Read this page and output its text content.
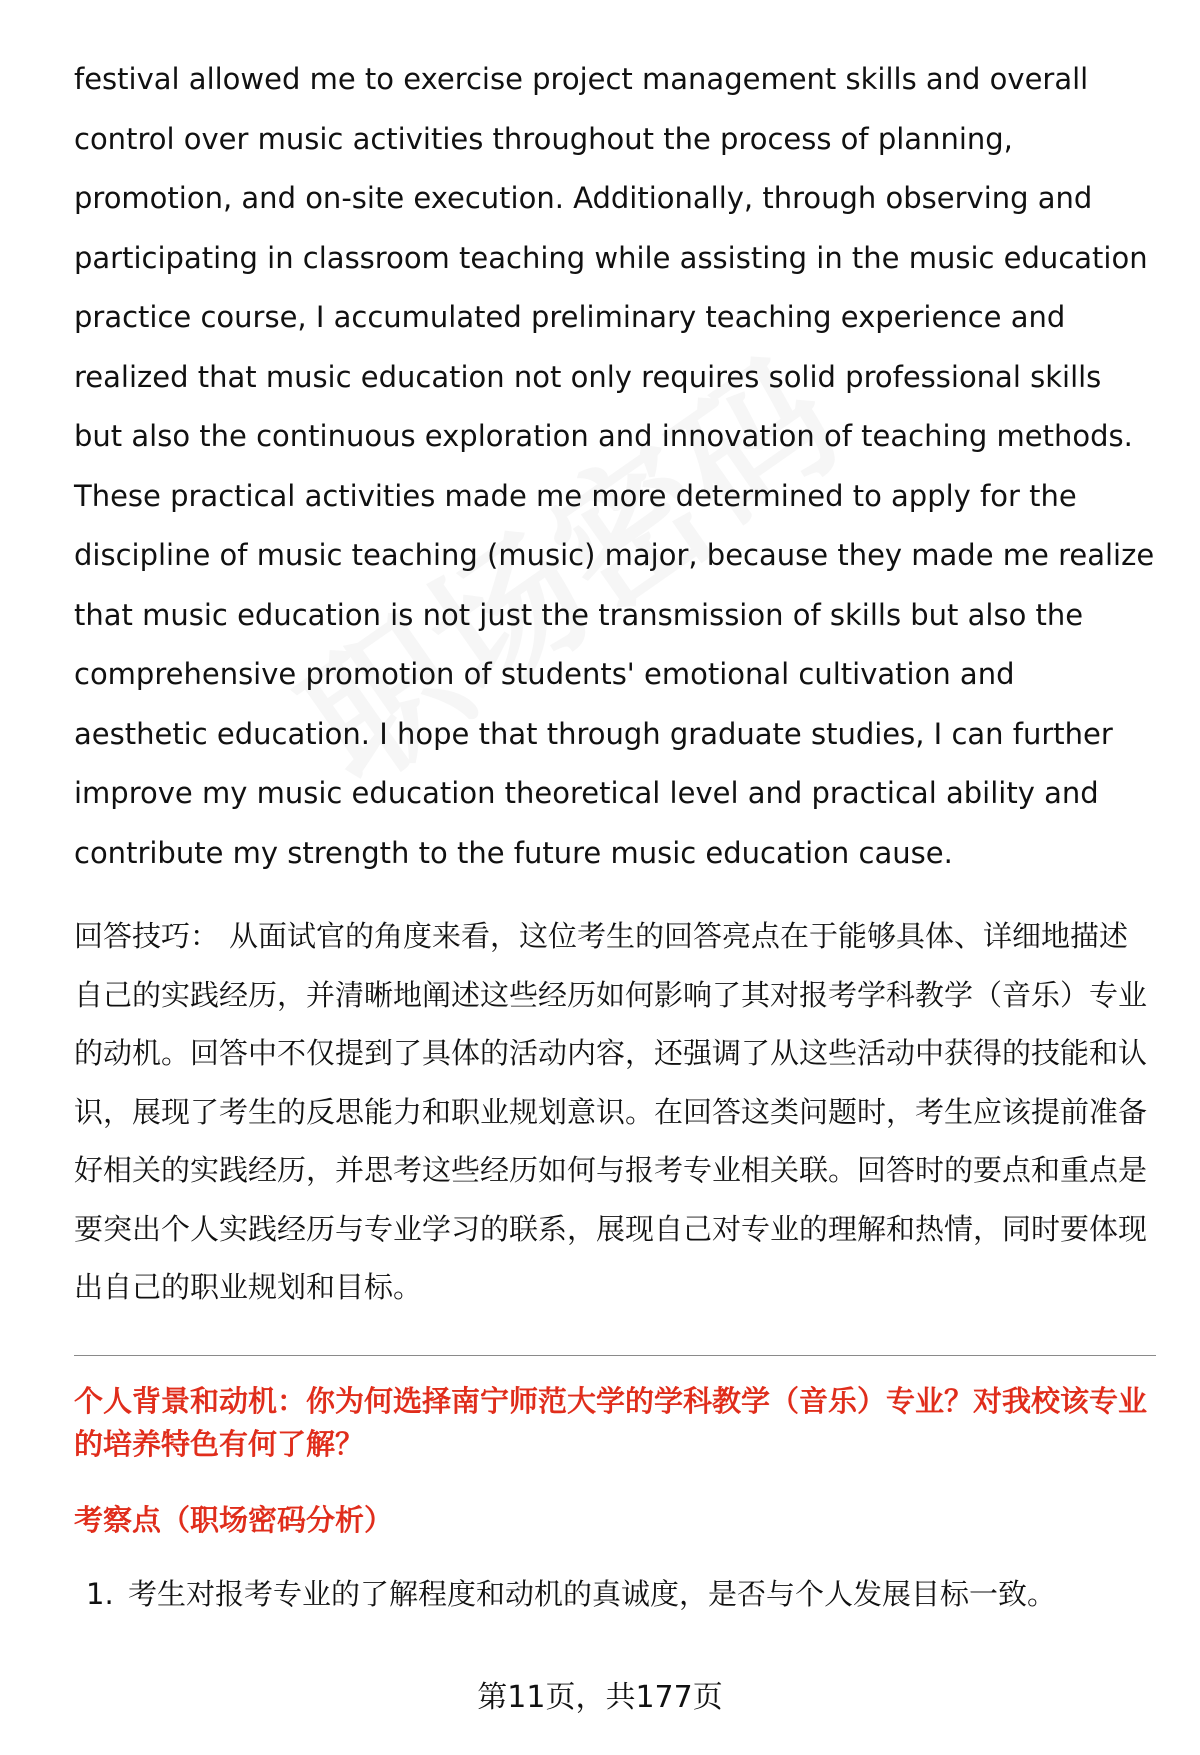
festival allowed me to exercise project management skills and overall control over music activities throughout the process of planning, promotion, and on-site execution. Additionally, through observing and participating in classroom teaching while assisting in the music education practice course, I accumulated preliminary teaching experience and realized that music education not only requires solid professional skills but also the continuous exploration and innovation of teaching methods. These practical activities made me more determined to apply for the discipline of music teaching (music) major, because they made me realize that music education is not just the transmission of skills but also the comprehensive promotion of students' emotional cultivation and aesthetic education. I hope that through graduate studies, I can further improve my music education theoretical level and practical ability and contribute my strength to the future music education cause.

回答技巧： 从面试官的角度来看，这位考生的回答亮点在于能够具体、详细地描述自己的实践经历，并清晰地阐述这些经历如何影响了其对报考学科教学（音乐）专业的动机。回答中不仅提到了具体的活动内容，还强调了从这些活动中获得的技能和认识，展现了考生的反思能力和职业规划意识。在回答这类问题时，考生应该提前准备好相关的实践经历，并思考这些经历如何与报考专业相关联。回答时的要点和重点是要突出个人实践经历与专业学习的联系，展现自己对专业的理解和热情，同时要体现出自己的职业规划和目标。

个人背景和动机：你为何选择南宁师范大学的学科教学（音乐）专业？对我校该专业的培养特色有何了解？
考察点（职场密码分析）
1. 考生对报考专业的了解程度和动机的真诚度，是否与个人发展目标一致。
第11页，共177页
